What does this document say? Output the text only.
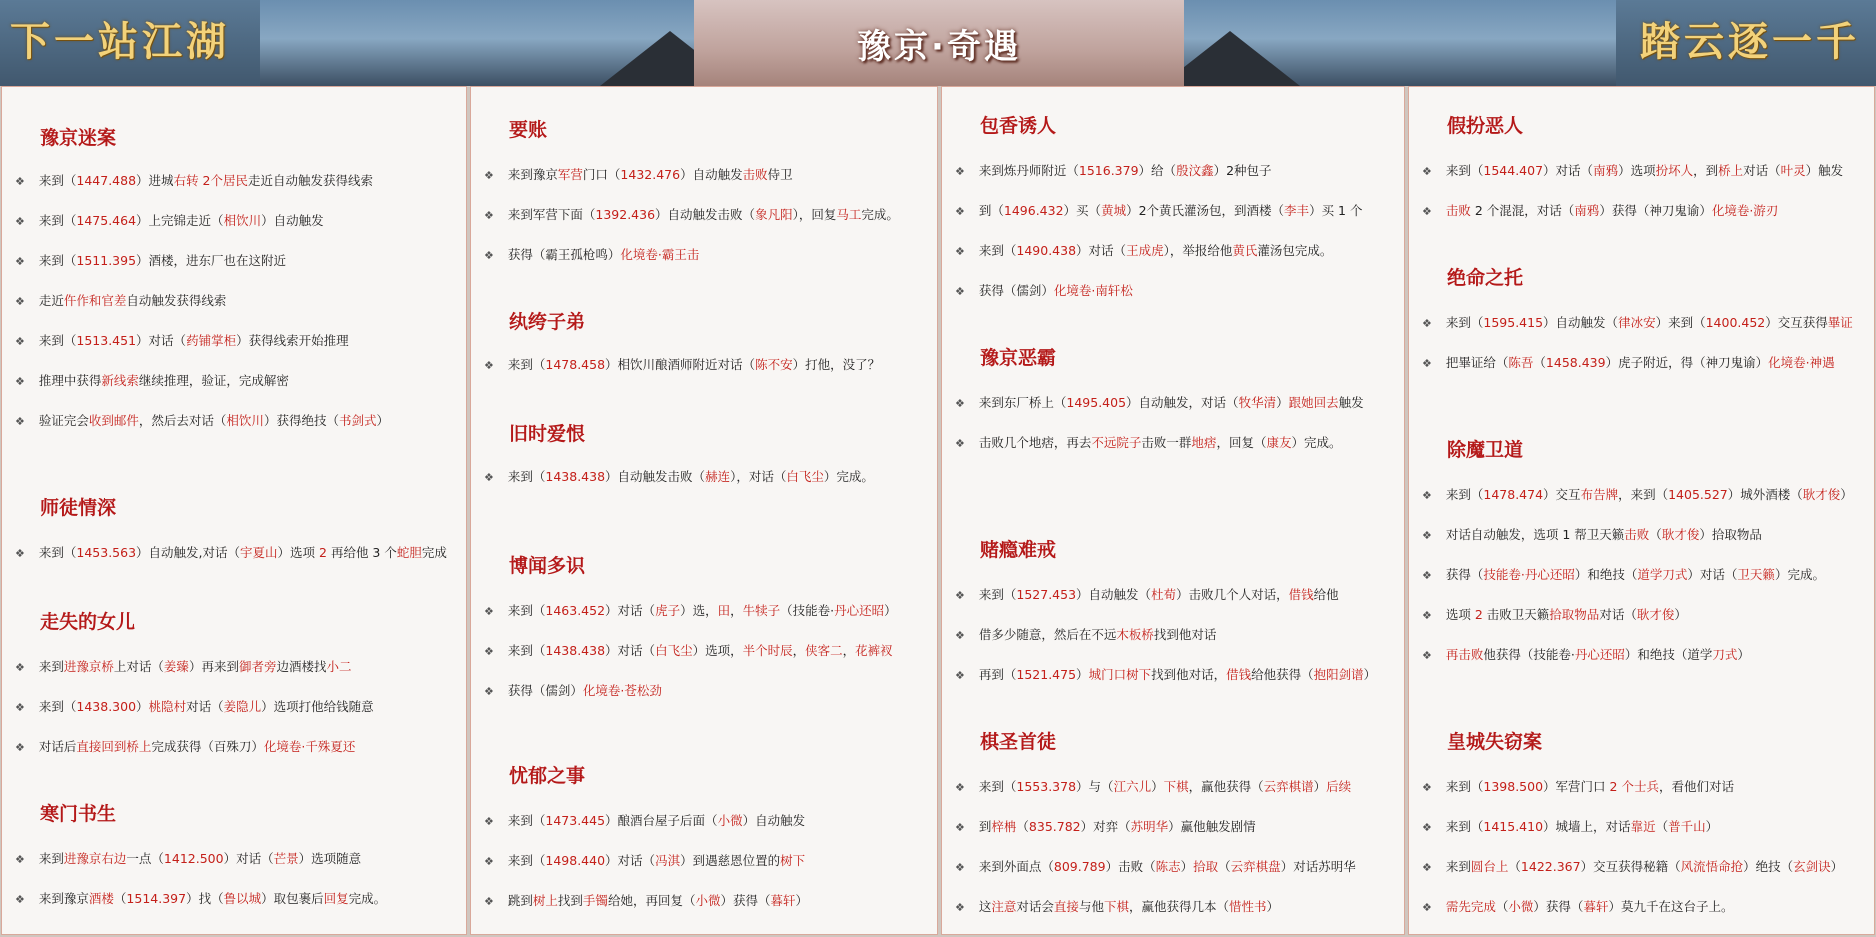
下一站江湖	踏云逐一千
豫京·奇遇
豫京迷案
❖ 来到（1447.488）进城右转 2个居民走近自动触发获得线索
❖ 来到（1475.464）上完锦走近（相饮川）自动触发
❖ 来到（1511.395）酒楼，进东厂也在这附近
❖ 走近仵作和官差自动触发获得线索
❖ 来到（1513.451）对话（药铺掌柜）获得线索开始推理
❖ 推理中获得新线索继续推理，验证，完成解密
❖ 验证完会收到邮件，然后去对话（相饮川）获得绝技（书剑式）
师徒情深
❖ 来到（1453.563）自动触发,对话（宇夏山）选项 2 再给他 3 个蛇胆完成
走失的女儿
❖ 来到进豫京桥上对话（姜臻）再来到御者旁边酒楼找小二
❖ 来到（1438.300）桃隐村对话（姜隐儿）选项打他给钱随意
❖ 对话后直接回到桥上完成获得（百殊刀）化境卷·千殊夏还
寒门书生
❖ 来到进豫京右边一点（1412.500）对话（芒景）选项随意
❖ 来到豫京酒楼（1514.397）找（鲁以城）取包裹后回复完成。
要账
❖ 来到豫京军营门口（1432.476）自动触发击败侍卫
❖ 来到军营下面（1392.436）自动触发击败（象凡阳），回复马工完成。
❖ 获得（霸王孤枪鸣）化境卷·霸王击
纨绔子弟
❖ 来到（1478.458）相饮川酿酒师附近对话（陈不安）打他，没了？
旧时爱恨
❖ 来到（1438.438）自动触发击败（赫连），对话（白飞尘）完成。
博闻多识
❖ 来到（1463.452）对话（虎子）选，田，牛犊子（技能卷·丹心还昭）
❖ 来到（1438.438）对话（白飞尘）选项，半个时辰，侠客二，花裤衩
❖ 获得（儒剑）化境卷·苍松劲
忧郁之事
❖ 来到（1473.445）酿酒台屋子后面（小微）自动触发
❖ 来到（1498.440）对话（冯淇）到遇慈恩位置的树下
❖ 跳到树上找到手镯给她，再回复（小微）获得（暮轩）
包香诱人
❖ 来到炼丹师附近（1516.379）给（殷汶鑫）2种包子
❖ 到（1496.432）买（黄城）2个黄氏灌汤包，到酒楼（李丰）买 1 个
❖ 来到（1490.438）对话（王成虎），举报给他黄氏灌汤包完成。
❖ 获得（儒剑）化境卷·南轩松
豫京恶霸
❖ 来到东厂桥上（1495.405）自动触发，对话（牧华清）跟她回去触发
❖ 击败几个地痞，再去不远院子击败一群地痞，回复（康友）完成。
赌瘾难戒
❖ 来到（1527.453）自动触发（杜荀）击败几个人对话，借钱给他
❖ 借多少随意，然后在不远木板桥找到他对话
❖ 再到（1521.475）城门口树下找到他对话，借钱给他获得（抱阳剑谱）
棋圣首徒
❖ 来到（1553.378）与（江六儿）下棋，赢他获得（云弈棋谱）后续
❖ 到梓柟（835.782）对弈（苏明华）赢他触发剧情
❖ 来到外面点（809.789）击败（陈志）拾取（云弈棋盘）对话苏明华
❖ 这注意对话会直接与他下棋，赢他获得几本（惜性书）
假扮恶人
❖ 来到（1544.407）对话（南鸦）选项扮坏人，到桥上对话（叶灵）触发
❖ 击败 2 个混混，对话（南鸦）获得（神刀鬼谕）化境卷·游刃
绝命之托
❖ 来到（1595.415）自动触发（律冰安）来到（1400.452）交互获得畢证
❖ 把畢证给（陈吾（1458.439）虎子附近，得（神刀鬼谕）化境卷·神遇
除魔卫道
❖ 来到（1478.474）交互布告牌，来到（1405.527）城外酒楼（耿才俊）
❖ 对话自动触发，选项 1 帮卫天籁击败（耿才俊）拾取物品
❖ 获得（技能卷·丹心还昭）和绝技（道学刀式）对话（卫天籁）完成。
❖ 选项 2 击败卫天籁拾取物品对话（耿才俊）
❖ 再击败他获得（技能卷·丹心还昭）和绝技（道学刀式）
皇城失窃案
❖ 来到（1398.500）军营门口 2 个士兵，看他们对话
❖ 来到（1415.410）城墙上，对话靠近（普千山）
❖ 来到圆台上（1422.367）交互获得秘籍（风流悟命抢）绝技（玄剑诀）
❖ 需先完成（小微）获得（暮轩）莫九千在这台子上。
